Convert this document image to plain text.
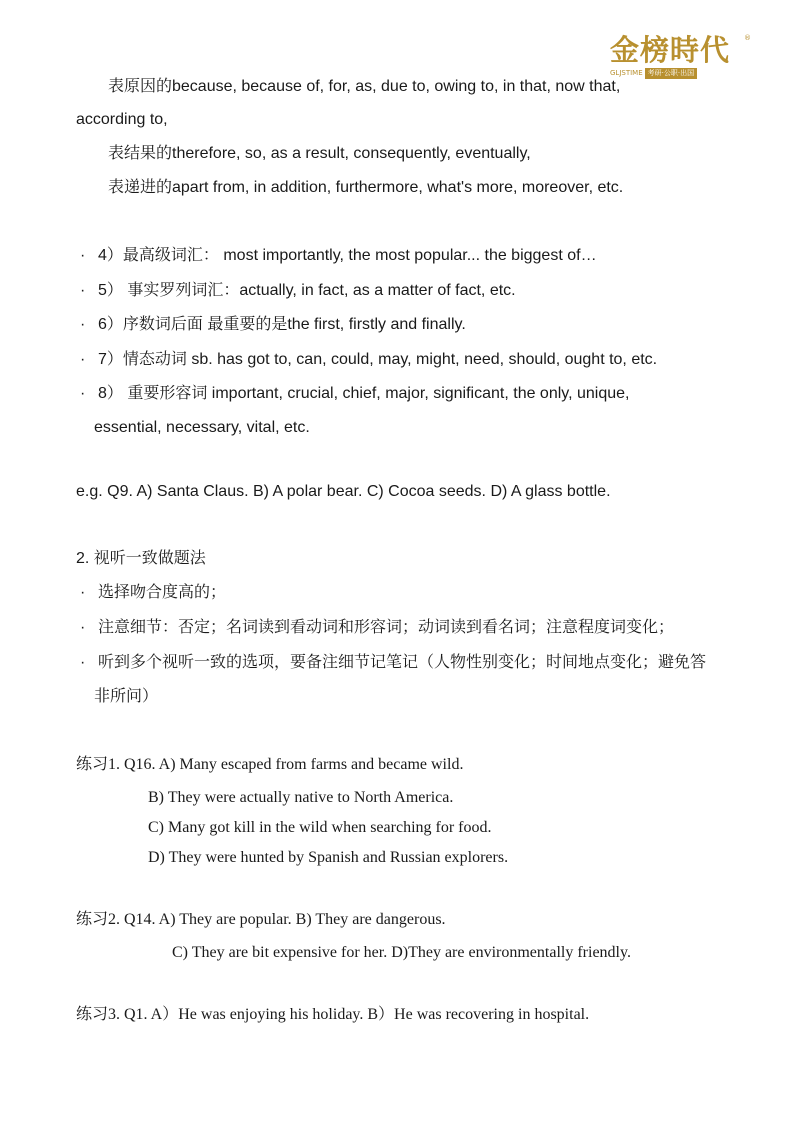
金榜時代 ®
GLJSTIME 考研·公职·出国
表原因的because, because of, for, as, due to, owing to, in that, now that,
according to,
表结果的therefore, so, as a result, consequently, eventually,
表递进的apart from, in addition, furthermore, what's more, moreover, etc.
· 4）最高级词汇： most importantly, the most popular... the biggest of…
· 5） 事实罗列词汇：actually, in fact, as a matter of fact, etc.
· 6）序数词后面 最重要的是the first, firstly and finally.
· 7）情态动词 sb. has got to, can, could, may, might, need, should, ought to, etc.
· 8） 重要形容词 important, crucial, chief, major, significant, the only, unique,
essential, necessary, vital, etc.
e.g. Q9. A) Santa Claus. B) A polar bear. C) Cocoa seeds. D) A glass bottle.
2. 视听一致做题法
· 选择吻合度高的；
· 注意细节：否定；名词读到看动词和形容词；动词读到看名词；注意程度词变化；
· 听到多个视听一致的选项，要备注细节记笔记（人物性别变化；时间地点变化；避免答
非所问）
练习1. Q16. A) Many escaped from farms and became wild.
B) They were actually native to North America.
C) Many got kill in the wild when searching for food.
D) They were hunted by Spanish and Russian explorers.
练习2. Q14. A) They are popular. B) They are dangerous.
C) They are bit expensive for her. D)They are environmentally friendly.
练习3. Q1. A）He was enjoying his holiday. B）He was recovering in hospital.
